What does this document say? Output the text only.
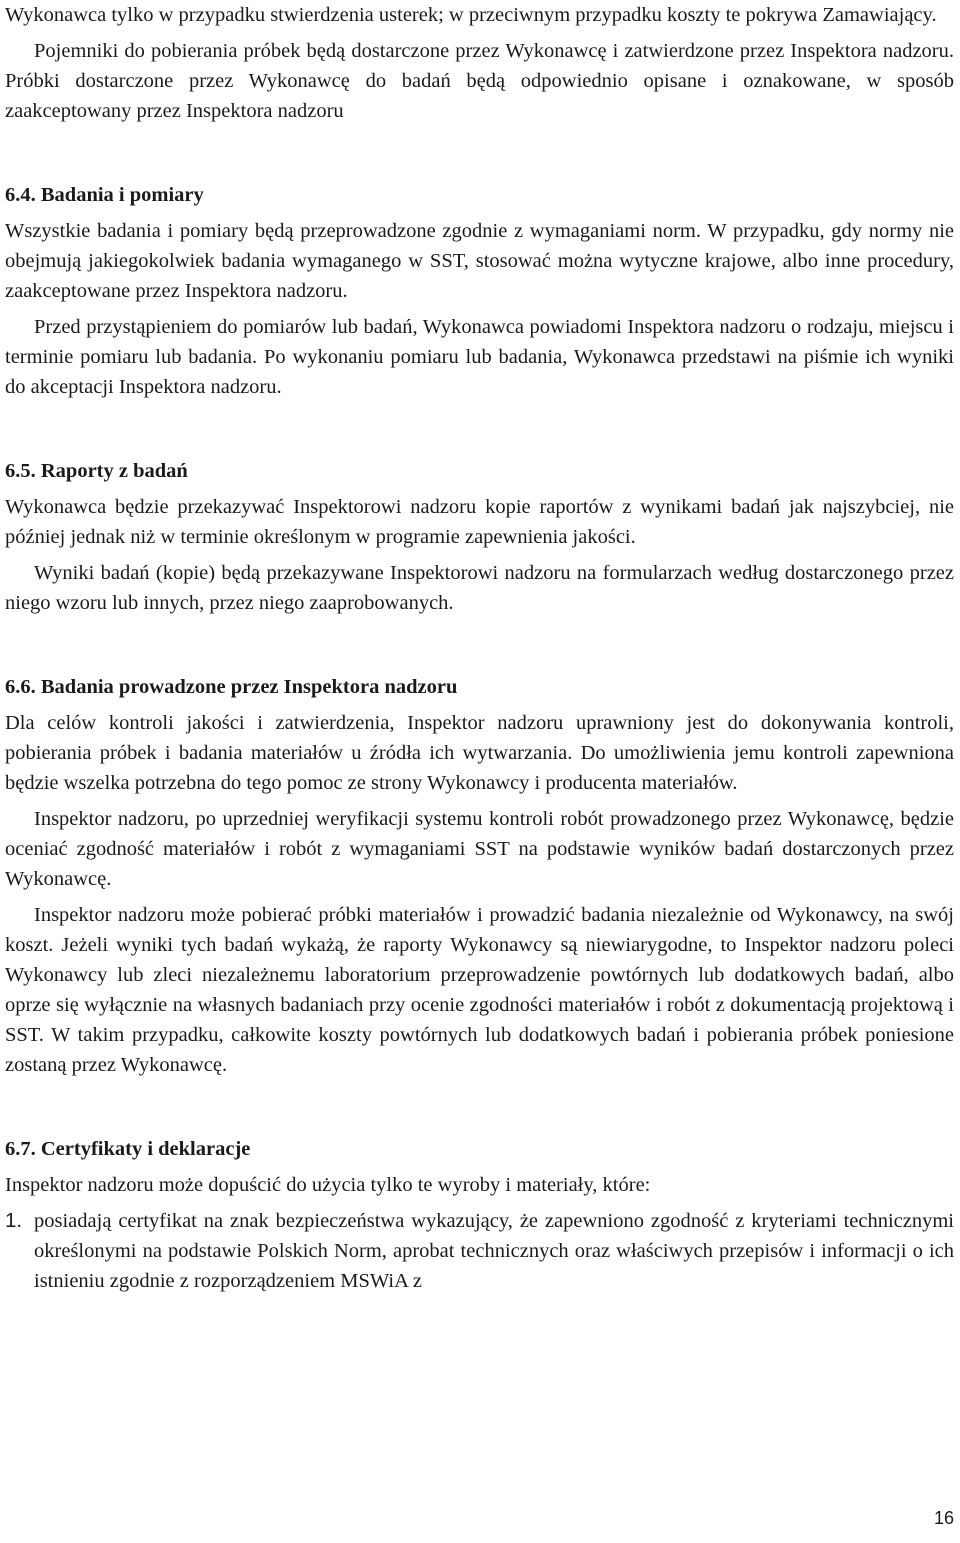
Wykonawca tylko w przypadku stwierdzenia usterek; w przeciwnym przypadku koszty te pokrywa Zamawiający.

Pojemniki do pobierania próbek będą dostarczone przez Wykonawcę i zatwierdzone przez Inspektora nadzoru. Próbki dostarczone przez Wykonawcę do badań będą odpowiednio opisane i oznakowane, w sposób zaakceptowany przez Inspektora nadzoru

6.4. Badania i pomiary

Wszystkie badania i pomiary będą przeprowadzone zgodnie z wymaganiami norm. W przypadku, gdy normy nie obejmują jakiegokolwiek badania wymaganego w SST, stosować można wytyczne krajowe, albo inne procedury, zaakceptowane przez Inspektora nadzoru.

Przed przystąpieniem do pomiarów lub badań, Wykonawca powiadomi Inspektora nadzoru o rodzaju, miejscu i terminie pomiaru lub badania. Po wykonaniu pomiaru lub badania, Wykonawca przedstawi na piśmie ich wyniki do akceptacji Inspektora nadzoru.

6.5. Raporty z badań

Wykonawca będzie przekazywać Inspektorowi nadzoru kopie raportów z wynikami badań jak najszybciej, nie później jednak niż w terminie określonym w programie zapewnienia jakości.

Wyniki badań (kopie) będą przekazywane Inspektorowi nadzoru na formularzach według dostarczonego przez niego wzoru lub innych, przez niego zaaprobowanych.

6.6. Badania prowadzone przez Inspektora nadzoru

Dla celów kontroli jakości i zatwierdzenia, Inspektor nadzoru uprawniony jest do dokonywania kontroli, pobierania próbek i badania materiałów u źródła ich wytwarzania. Do umożliwienia jemu kontroli zapewniona będzie wszelka potrzebna do tego pomoc ze strony Wykonawcy i producenta materiałów.

Inspektor nadzoru, po uprzedniej weryfikacji systemu kontroli robót prowadzonego przez Wykonawcę, będzie oceniać zgodność materiałów i robót z wymaganiami SST na podstawie wyników badań dostarczonych przez Wykonawcę.

Inspektor nadzoru może pobierać próbki materiałów i prowadzić badania niezależnie od Wykonawcy, na swój koszt. Jeżeli wyniki tych badań wykażą, że raporty Wykonawcy są niewiarygodne, to Inspektor nadzoru poleci Wykonawcy lub zleci niezależnemu laboratorium przeprowadzenie powtórnych lub dodatkowych badań, albo oprze się wyłącznie na własnych badaniach przy ocenie zgodności materiałów i robót z dokumentacją projektową i SST. W takim przypadku, całkowite koszty powtórnych lub dodatkowych badań i pobierania próbek poniesione zostaną przez Wykonawcę.

6.7. Certyfikaty i deklaracje

Inspektor nadzoru może dopuścić do użycia tylko te wyroby i materiały, które:

1. posiadają certyfikat na znak bezpieczeństwa wykazujący, że zapewniono zgodność z kryteriami technicznymi określonymi na podstawie Polskich Norm, aprobat technicznych oraz właściwych przepisów i informacji o ich istnieniu zgodnie z rozporządzeniem MSWiA z
16
